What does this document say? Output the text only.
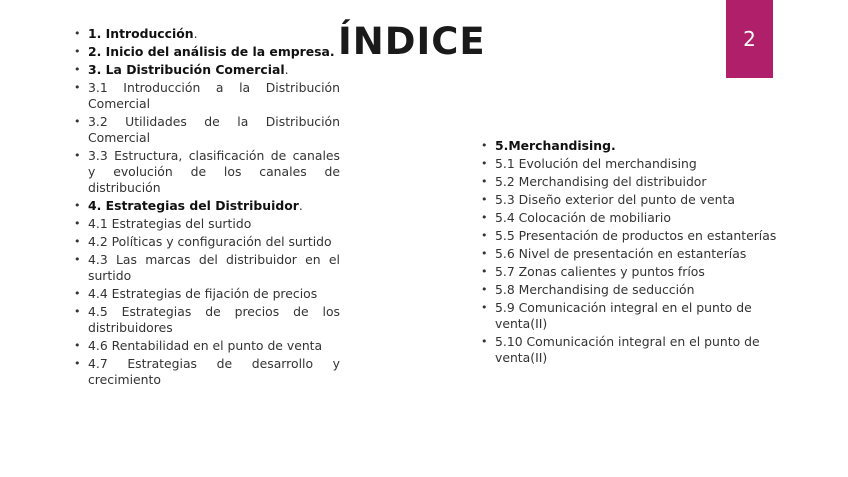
2
ÍNDICE
• 1. Introducción.
• 2. Inicio del análisis de la empresa.
• 3. La Distribución Comercial.
• 3.1 Introducción a la Distribución Comercial
• 3.2 Utilidades de la Distribución Comercial
• 3.3 Estructura, clasificación de canales y evolución de los canales de distribución
• 4. Estrategias del Distribuidor.
• 4.1 Estrategias del surtido
• 4.2 Políticas y configuración del surtido
• 4.3 Las marcas del distribuidor en el surtido
• 4.4 Estrategias de fijación de precios
• 4.5 Estrategias de precios de los distribuidores
• 4.6 Rentabilidad en el punto de venta
• 4.7 Estrategias de desarrollo y crecimiento
• 5.Merchandising.
• 5.1 Evolución del merchandising
• 5.2 Merchandising del distribuidor
• 5.3 Diseño exterior del punto de venta
• 5.4 Colocación de mobiliario
• 5.5 Presentación de productos en estanterías
• 5.6 Nivel de presentación en estanterías
• 5.7 Zonas calientes y puntos fríos
• 5.8 Merchandising de seducción
• 5.9 Comunicación integral en el punto de venta(II)
• 5.10 Comunicación integral en el punto de venta(II)
